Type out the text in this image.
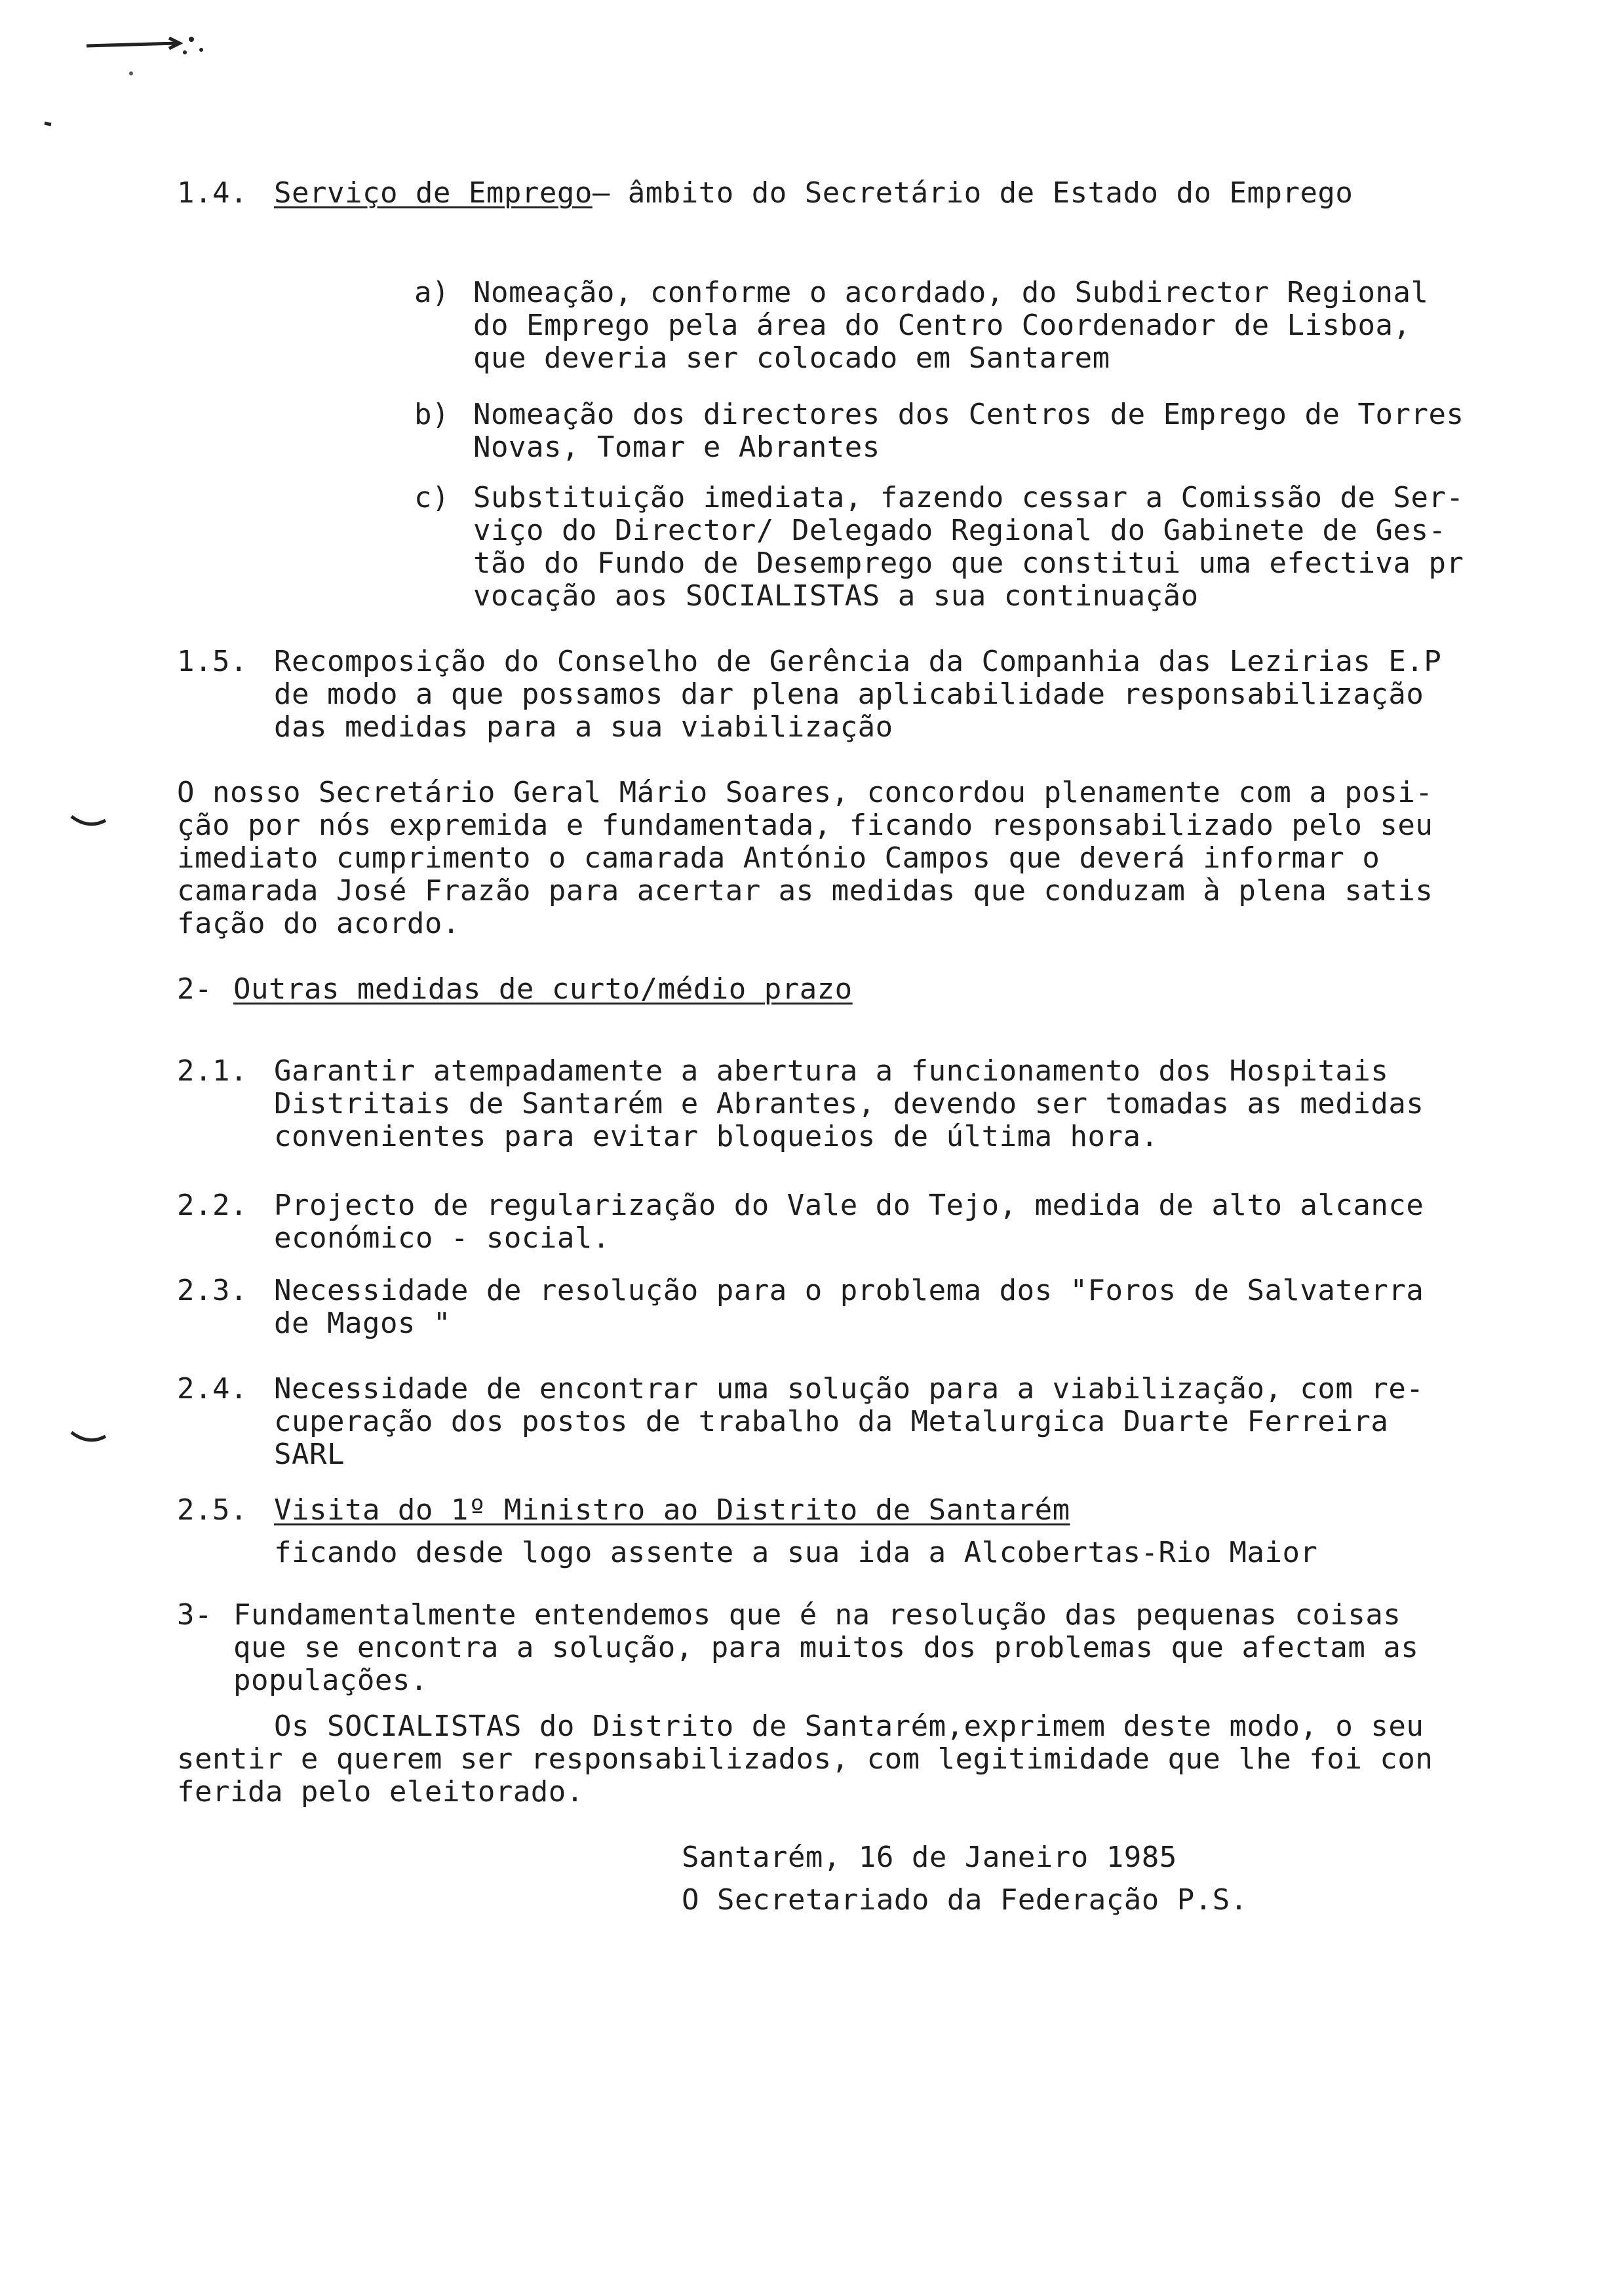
1.4. Serviço de Emprego— âmbito do Secretário de Estado do Emprego
a) Nomeação, conforme o acordado, do Subdirector Regional
do Emprego pela área do Centro Coordenador de Lisboa,
que deveria ser colocado em Santarem
b) Nomeação dos directores dos Centros de Emprego de Torres
Novas, Tomar e Abrantes
c) Substituição imediata, fazendo cessar a Comissão de Ser-
viço do Director/ Delegado Regional do Gabinete de Ges-
tão do Fundo de Desemprego que constitui uma efectiva pr
vocação aos SOCIALISTAS a sua continuação
1.5. Recomposição do Conselho de Gerência da Companhia das Lezirias E.P
de modo a que possamos dar plena aplicabilidade responsabilização
das medidas para a sua viabilização
O nosso Secretário Geral Mário Soares, concordou plenamente com a posi-
ção por nós expremida e fundamentada, ficando responsabilizado pelo seu
imediato cumprimento o camarada António Campos que deverá informar o
camarada José Frazão para acertar as medidas que conduzam à plena satis
fação do acordo.
2- Outras medidas de curto/médio prazo
2.1. Garantir atempadamente a abertura a funcionamento dos Hospitais
Distritais de Santarém e Abrantes, devendo ser tomadas as medidas
convenientes para evitar bloqueios de última hora.
2.2. Projecto de regularização do Vale do Tejo, medida de alto alcance
económico - social.
2.3. Necessidade de resolução para o problema dos "Foros de Salvaterra
de Magos "
2.4. Necessidade de encontrar uma solução para a viabilização, com re-
cuperação dos postos de trabalho da Metalurgica Duarte Ferreira
SARL
2.5. Visita do 1º Ministro ao Distrito de Santarém
ficando desde logo assente a sua ida a Alcobertas-Rio Maior
3- Fundamentalmente entendemos que é na resolução das pequenas coisas
que se encontra a solução, para muitos dos problemas que afectam as
populações.
Os SOCIALISTAS do Distrito de Santarém,exprimem deste modo, o seu
sentir e querem ser responsabilizados, com legitimidade que lhe foi con
ferida pelo eleitorado.
Santarém, 16 de Janeiro 1985
O Secretariado da Federação P.S.
